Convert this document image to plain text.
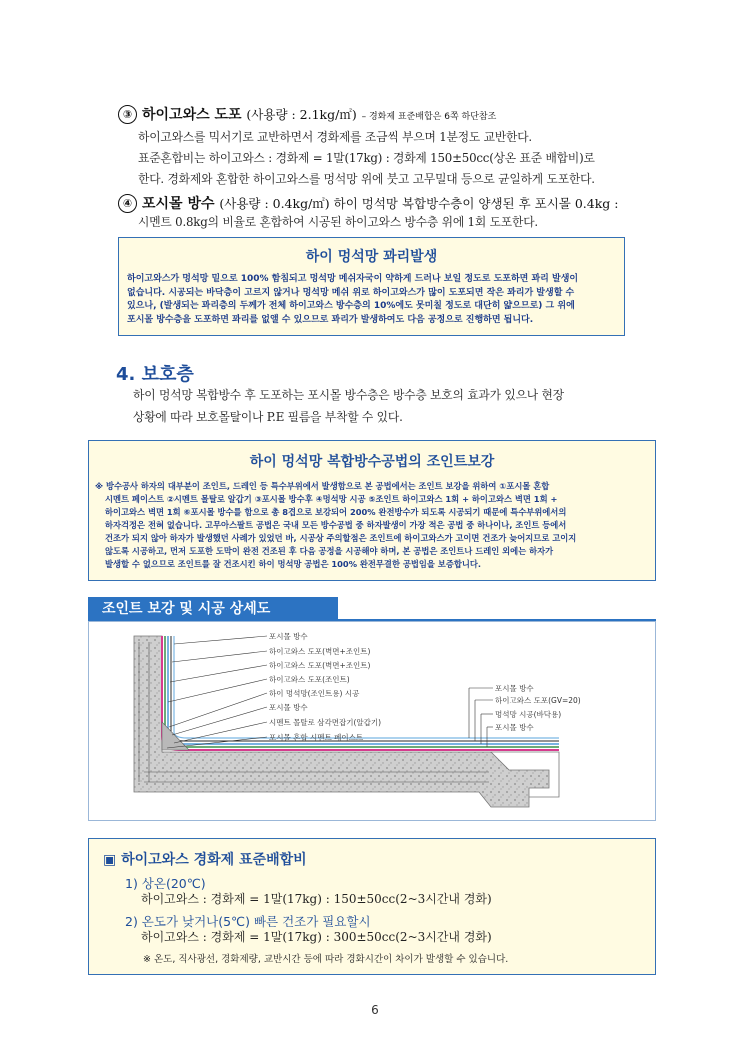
③ 하이고와스 도포 (사용량 : 2.1kg/㎡) – 경화제 표준배합은 6쪽 하단참조
하이고와스를 믹서기로 교반하면서 경화제를 조금씩 부으며 1분정도 교반한다.
표준혼합비는 하이고와스 : 경화제 = 1말(17kg) : 경화제 150±50cc(상온 표준 배합비)로
한다. 경화제와 혼합한 하이고와스를 멍석망 위에 붓고 고무밀대 등으로 균일하게 도포한다.
④ 포시몰 방수 (사용량 : 0.4kg/㎡) 하이 멍석망 복합방수층이 양생된 후 포시몰 0.4kg :
시멘트 0.8kg의 비율로 혼합하여 시공된 하이고와스 방수층 위에 1회 도포한다.
하이 멍석망 꽈리발생
하이고와스가 멍석망 밑으로 100% 함침되고 멍석망 메쉬자국이 약하게 드러나 보일 정도로 도포하면 꽈리 발생이
없습니다. 시공되는 바닥층이 고르지 않거나 멍석망 메쉬 위로 하이고와스가 많이 도포되면 작은 꽈리가 발생할 수
있으나, (발생되는 꽈리층의 두께가 전체 하이고와스 방수층의 10%에도 못미칠 정도로 대단히 얇으므로) 그 위에
포시몰 방수층을 도포하면 꽈리를 없앨 수 있으므로 꽈리가 발생하여도 다음 공정으로 진행하면 됩니다.
4. 보호층
하이 멍석망 복합방수 후 도포하는 포시몰 방수층은 방수층 보호의 효과가 있으나 현장
상황에 따라 보호몰탈이나 P.E 필름을 부착할 수 있다.
하이 멍석망 복합방수공법의 조인트보강
※ 방수공사 하자의 대부분이 조인트, 드레인 등 특수부위에서 발생함으로 본 공법에서는 조인트 보강을 위하여 ①포시몰 혼합
시멘트 페이스트 ②시멘트 몰탈로 알갑기 ③포시몰 방수후 ④멍석망 시공 ⑤조인트 하이고와스 1회 + 하이고와스 벽면 1회 +
하이고와스 벽면 1회 ⑥포시몰 방수를 함으로 총 8겹으로 보강되어 200% 완전방수가 되도록 시공되기 때문에 특수부위에서의
하자걱정은 전혀 없습니다. 고무아스팔트 공법은 국내 모든 방수공법 중 하자발생이 가장 적은 공법 중 하나이나, 조인트 등에서
건조가 되지 않아 하자가 발생했던 사례가 있었던 바, 시공상 주의할점은 조인트에 하이고와스가 고이면 건조가 늦어지므로 고이지
않도록 시공하고, 먼저 도포한 도막이 완전 건조된 후 다음 공정을 시공해야 하며, 본 공법은 조인트나 드레인 외에는 하자가
발생할 수 없으므로 조인트를 잘 건조시킨 하이 멍석망 공법은 100% 완전무결한 공법임을 보증합니다.
조인트 보강 및 시공 상세도
포시몰 방수
하이고와스 도포(벽면+조인트)
하이고와스 도포(벽면+조인트)
하이고와스 도포(조인트)
하이 멍석망(조인트용) 시공
포시몰 방수
시멘트 몰탈로 삼각면잡기(알갑기)
포시몰 혼합 시멘트 페이스트
포시몰 방수
하이고와스 도포(GV=20)
멍석망 시공(바닥용)
포시몰 방수
▣ 하이고와스 경화제 표준배합비
1) 상온(20℃)
하이고와스 : 경화제 = 1말(17kg) : 150±50cc(2~3시간내 경화)
2) 온도가 낮거나(5℃) 빠른 건조가 필요할시
하이고와스 : 경화제 = 1말(17kg) : 300±50cc(2~3시간내 경화)
※ 온도, 직사광선, 경화제량, 교반시간 등에 따라 경화시간이 차이가 발생할 수 있습니다.
6
